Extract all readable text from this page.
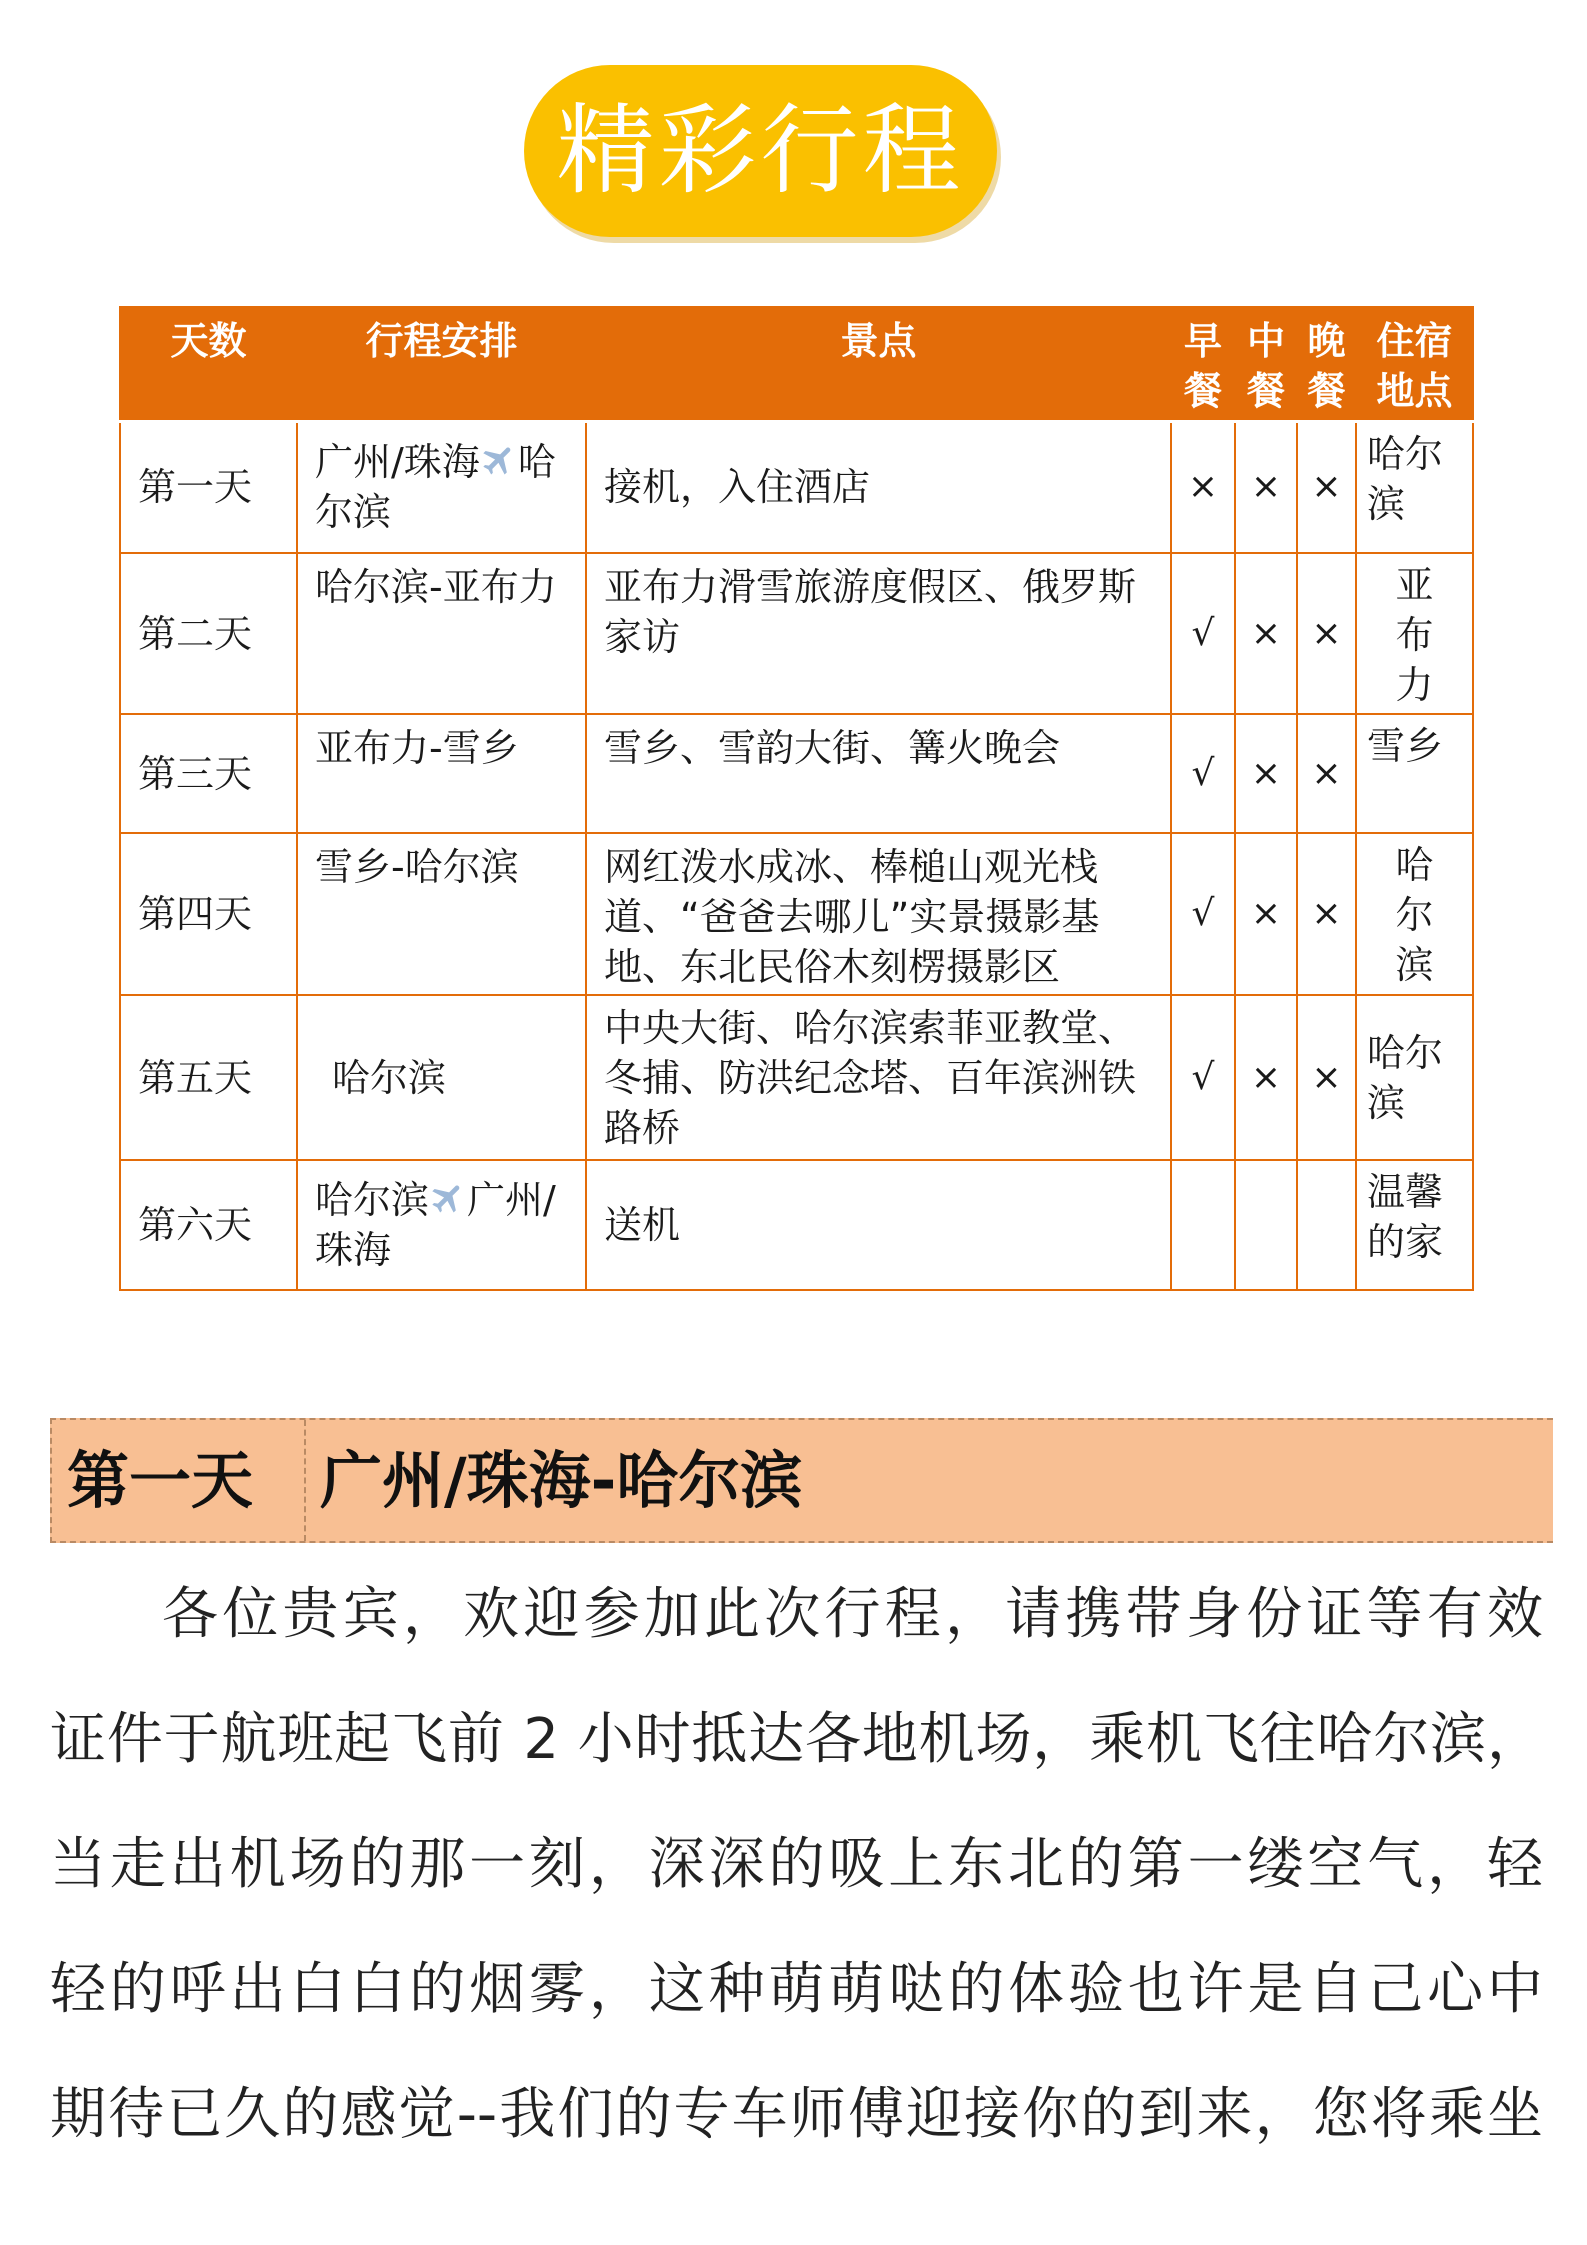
精彩行程
天数	行程安排	景点	早餐	中餐	晚餐	住宿地点
第一天	广州/珠海 哈尔滨	接机，入住酒店	×	×	×	哈尔滨
第二天	哈尔滨-亚布力	亚布力滑雪旅游度假区、俄罗斯家访	√	×	×	亚布力
第三天	亚布力-雪乡	雪乡、雪韵大街、篝火晚会	√	×	×	雪乡
第四天	雪乡-哈尔滨	网红泼水成冰、棒槌山观光栈道、“爸爸去哪儿”实景摄影基地、东北民俗木刻楞摄影区	√	×	×	哈尔滨
第五天	哈尔滨	中央大街、哈尔滨索菲亚教堂、冬捕、防洪纪念塔、百年滨洲铁路桥	√	×	×	哈尔滨
第六天	哈尔滨 广州/珠海	送机				温馨的家
第一天 广州/珠海-哈尔滨
各位贵宾，欢迎参加此次行程，请携带身份证等有效
证件于航班起飞前 2 小时抵达各地机场，乘机飞往哈尔滨，
当走出机场的那一刻，深深的吸上东北的第一缕空气，轻
轻的呼出白白的烟雾，这种萌萌哒的体验也许是自己心中
期待已久的感觉--我们的专车师傅迎接你的到来，您将乘坐
